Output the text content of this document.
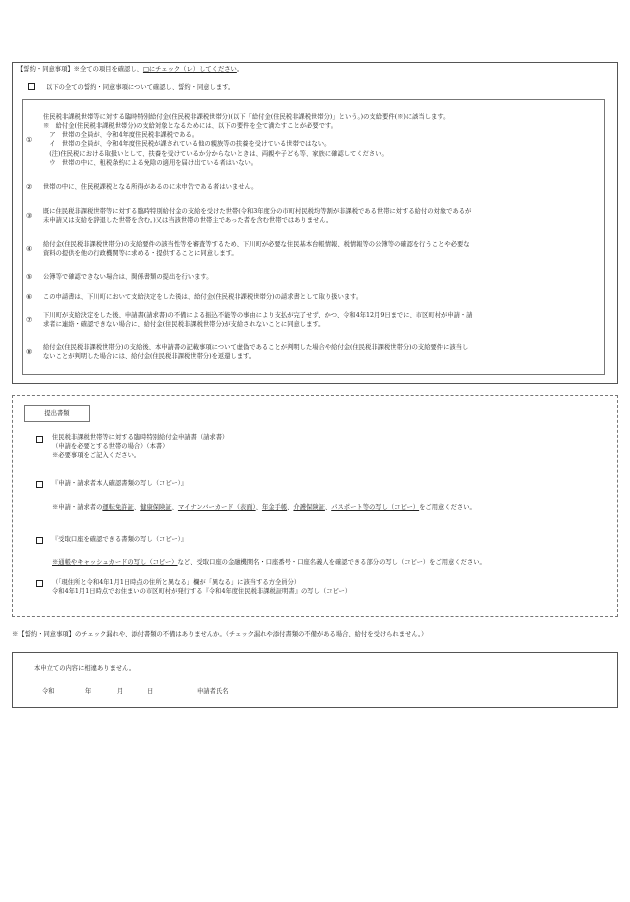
【誓約・同意事項】※全ての項目を確認し、□にチェック（レ）してください。
以下の全ての誓約・同意事項について確認し、誓約・同意します。
①
住民税非課税世帯等に対する臨時特別給付金(住民税非課税世帯分)(以下「給付金(住民税非課税世帯分)」という。)の支給要件(※)に該当します。
※　給付金(住民税非課税世帯分)の支給対象となるためには、以下の要件を全て満たすことが必要です。
　ア　世帯の全員が、令和4年度住民税非課税である。
　イ　世帯の全員が、令和4年度住民税が課されている他の親族等の扶養を受けている世帯ではない。
　(注)住民税における取扱いとして、扶養を受けているか分からないときは、両親や子ども等、家族に確認してください。
　ウ　世帯の中に、租税条約による免除の適用を届け出ている者はいない。
② 世帯の中に、住民税課税となる所得があるのに未申告である者はいません。
③
既に住民税非課税世帯等に対する臨時特別給付金の支給を受けた世帯(令和3年度分の市町村民税均等割が非課税である世帯に対する給付の対象であるが
未申請又は支給を辞退した世帯を含む。)又は当該世帯の世帯主であった者を含む世帯ではありません。
④
給付金(住民税非課税世帯分)の支給要件の該当性等を審査等するため、下川町が必要な住民基本台帳情報、税情報等の公簿等の確認を行うことや必要な
資料の提供を他の行政機関等に求める・提供することに同意します。
⑤ 公簿等で確認できない場合は、関係書類の提出を行います。
⑥ この申請書は、下川町において支給決定をした後は、給付金(住民税非課税世帯分)の請求書として取り扱います。
⑦
下川町が支給決定をした後、申請書(請求書)の不備による振込不能等の事由により支払が完了せず、かつ、令和4年12月9日までに、市区町村が申請・請
求者に連絡・確認できない場合に、給付金(住民税非課税世帯分)が支給されないことに同意します。
⑧
給付金(住民税非課税世帯分)の支給後、本申請書の記載事項について虚偽であることが判明した場合や給付金(住民税非課税世帯分)の支給要件に該当し
ないことが判明した場合には、給付金(住民税非課税世帯分)を返還します。
提出書類
住民税非課税世帯等に対する臨時特別給付金申請書（請求書）
（申請を必要とする世帯の場合）（本書）
※必要事項をご記入ください。
『申請・請求者本人確認書類の写し（コピー）』
※申請・請求者の運転免許証、健康保険証、マイナンバーカード（表面）、年金手帳、介護保険証、パスポート等の写し（コピー）をご用意ください。
『受取口座を確認できる書類の写し（コピー）』
※通帳やキャッシュカードの写し（コピー）など、受取口座の金融機関名・口座番号・口座名義人を確認できる部分の写し（コピー）をご用意ください。
（「現住所と令和4年1月1日時点の住所と異なる」欄が「異なる」に該当する方全員分）
令和4年1月1日時点でお住まいの市区町村が発行する『令和4年度住民税非課税証明書』の写し（コピー）
※【誓約・同意事項】のチェック漏れや、添付書類の不備はありませんか。（チェック漏れや添付書類の不備がある場合、給付を受けられません。）
本申立ての内容に相違ありません。
令和	年	月	日	申請者氏名
